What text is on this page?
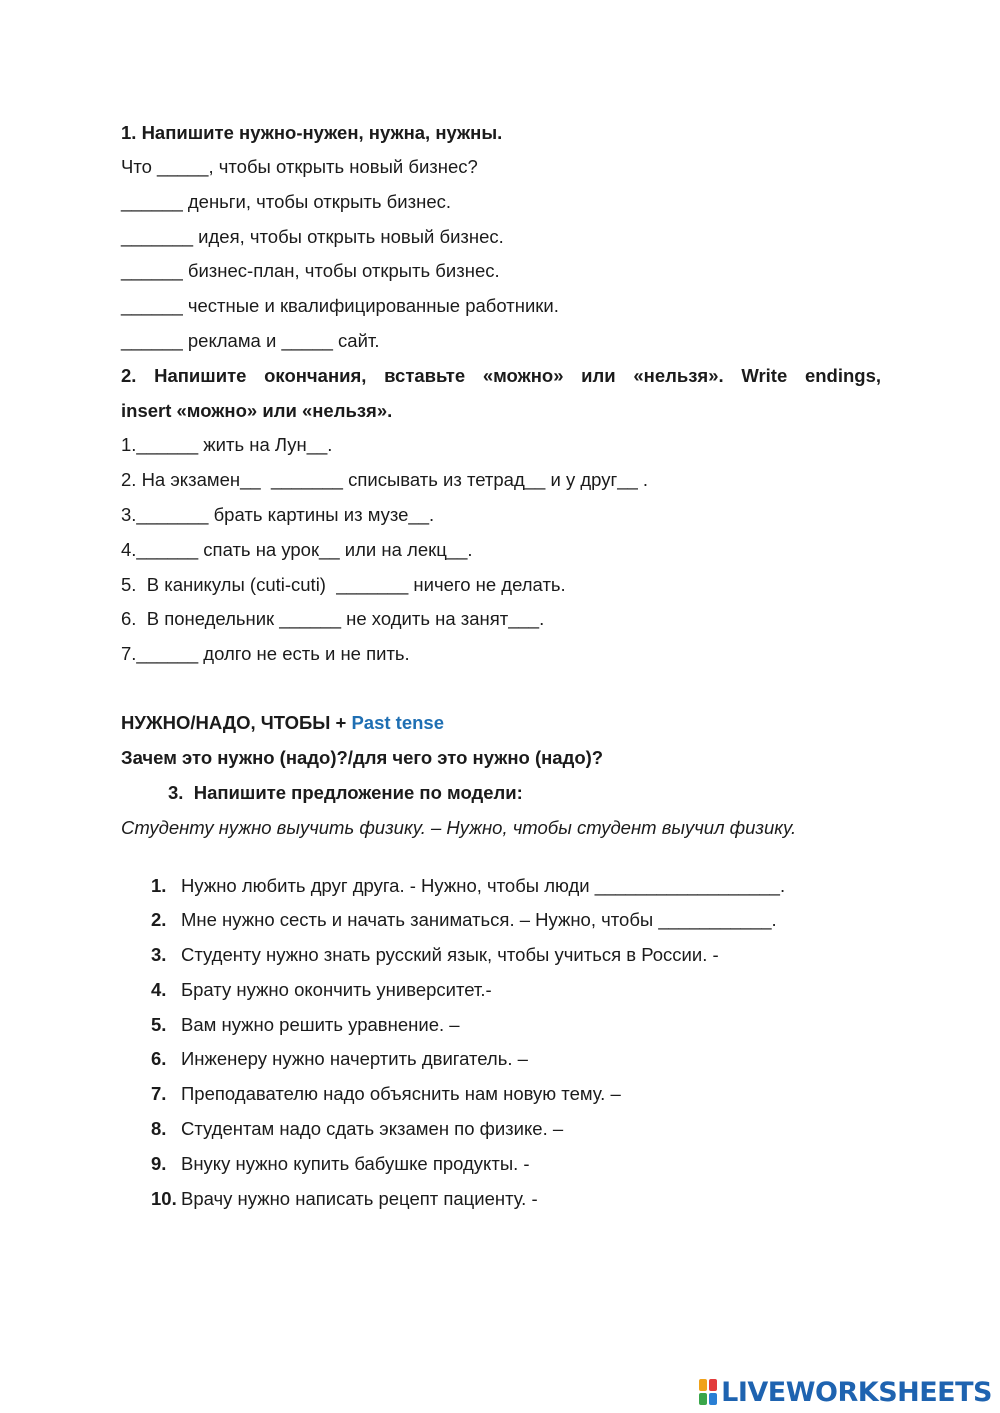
1. Напишите нужно-нужен, нужна, нужны.
Что _____, чтобы открыть новый бизнес?
______ деньги, чтобы открыть бизнес.
_______ идея, чтобы открыть новый бизнес.
______ бизнес-план, чтобы открыть бизнес.
______ честные и квалифицированные работники.
______ реклама и _____ сайт.
2. Напишите окончания, вставьте «можно» или «нельзя». Write endings,
insert «можно» или «нельзя».
1.______ жить на Лун__.
2. На экзамен__  _______ списывать из тетрад__ и у друг__ .
3._______ брать картины из музе__.
4.______ спать на урок__ или на лекц__.
5.  В каникулы (cuti-cuti)  _______ ничего не делать.
6.  В понедельник ______ не ходить на занят___.
7.______ долго не есть и не пить.
НУЖНО/НАДО, ЧТОБЫ + Past tense
Зачем это нужно (надо)?/для чего это нужно (надо)?
3.  Напишите предложение по модели:
Студенту нужно выучить физику. – Нужно, чтобы студент выучил физику.
1. Нужно любить друг друга. - Нужно, чтобы люди __________________.
2. Мне нужно сесть и начать заниматься. – Нужно, чтобы ___________.
3. Студенту нужно знать русский язык, чтобы учиться в России. -
4. Брату нужно окончить университет.-
5. Вам нужно решить уравнение. –
6. Инженеру нужно начертить двигатель. –
7. Преподавателю надо объяснить нам новую тему. –
8. Студентам надо сдать экзамен по физике. –
9. Внуку нужно купить бабушке продукты. -
10. Врачу нужно написать рецепт пациенту. -
LIVEWORKSHEETS
